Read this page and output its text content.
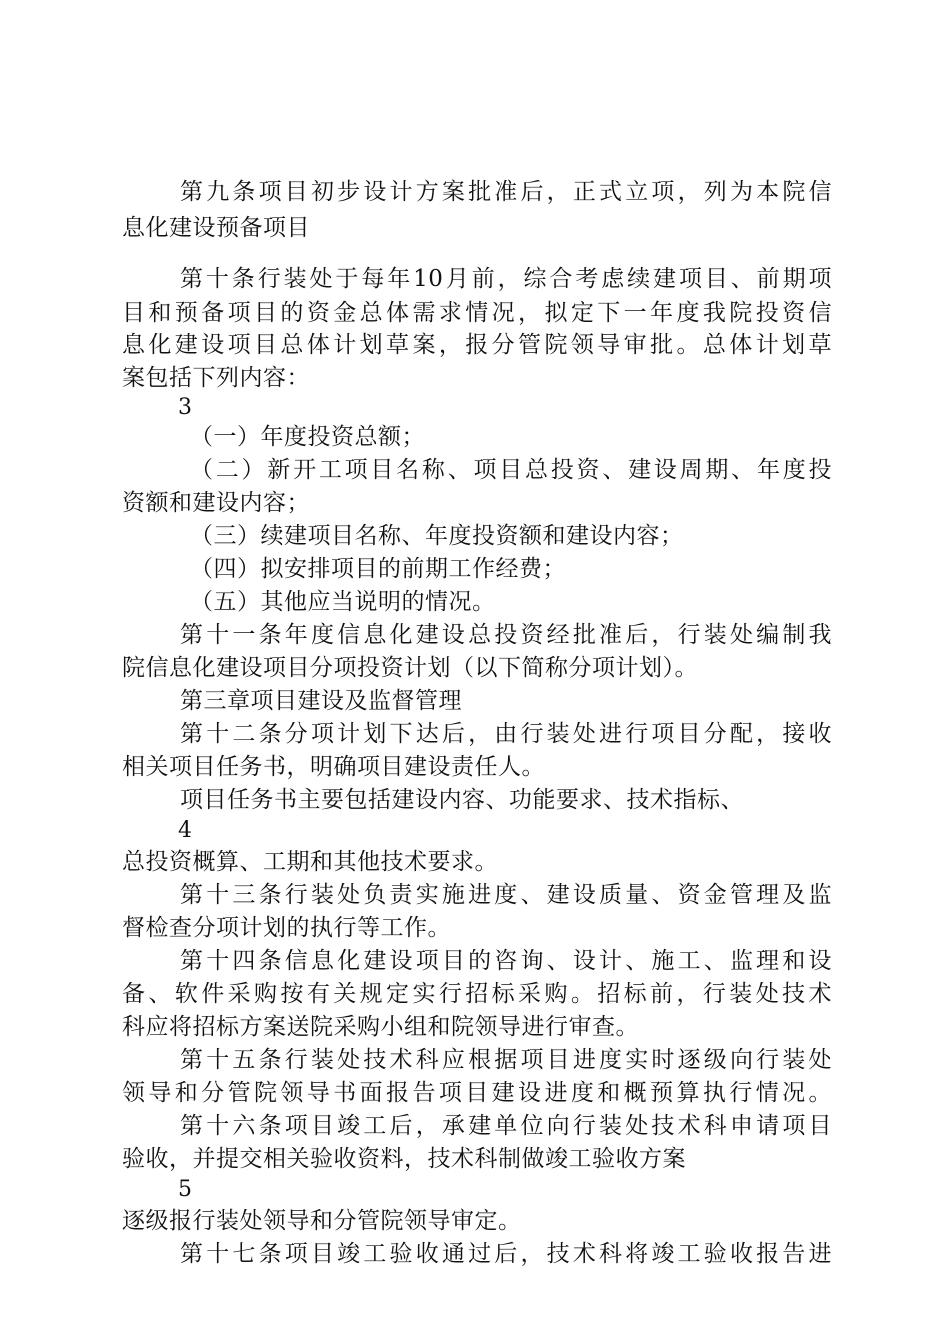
第九条项目初步设计方案批准后，正式立项，列为本院信
息化建设预备项目
第十条行装处于每年10月前，综合考虑续建项目、前期项
目和预备项目的资金总体需求情况，拟定下一年度我院投资信
息化建设项目总体计划草案，报分管院领导审批。总体计划草
案包括下列内容：
3
（一）年度投资总额；
（二）新开工项目名称、项目总投资、建设周期、年度投
资额和建设内容；
（三）续建项目名称、年度投资额和建设内容；
（四）拟安排项目的前期工作经费；
（五）其他应当说明的情况。
第十一条年度信息化建设总投资经批准后，行装处编制我
院信息化建设项目分项投资计划（以下简称分项计划）。
第三章项目建设及监督管理
第十二条分项计划下达后，由行装处进行项目分配，接收
相关项目任务书，明确项目建设责任人。
项目任务书主要包括建设内容、功能要求、技术指标、
4
总投资概算、工期和其他技术要求。
第十三条行装处负责实施进度、建设质量、资金管理及监
督检查分项计划的执行等工作。
第十四条信息化建设项目的咨询、设计、施工、监理和设
备、软件采购按有关规定实行招标采购。招标前，行装处技术
科应将招标方案送院采购小组和院领导进行审查。
第十五条行装处技术科应根据项目进度实时逐级向行装处
领导和分管院领导书面报告项目建设进度和概预算执行情况。
第十六条项目竣工后，承建单位向行装处技术科申请项目
验收，并提交相关验收资料，技术科制做竣工验收方案
5
逐级报行装处领导和分管院领导审定。
第十七条项目竣工验收通过后，技术科将竣工验收报告进
